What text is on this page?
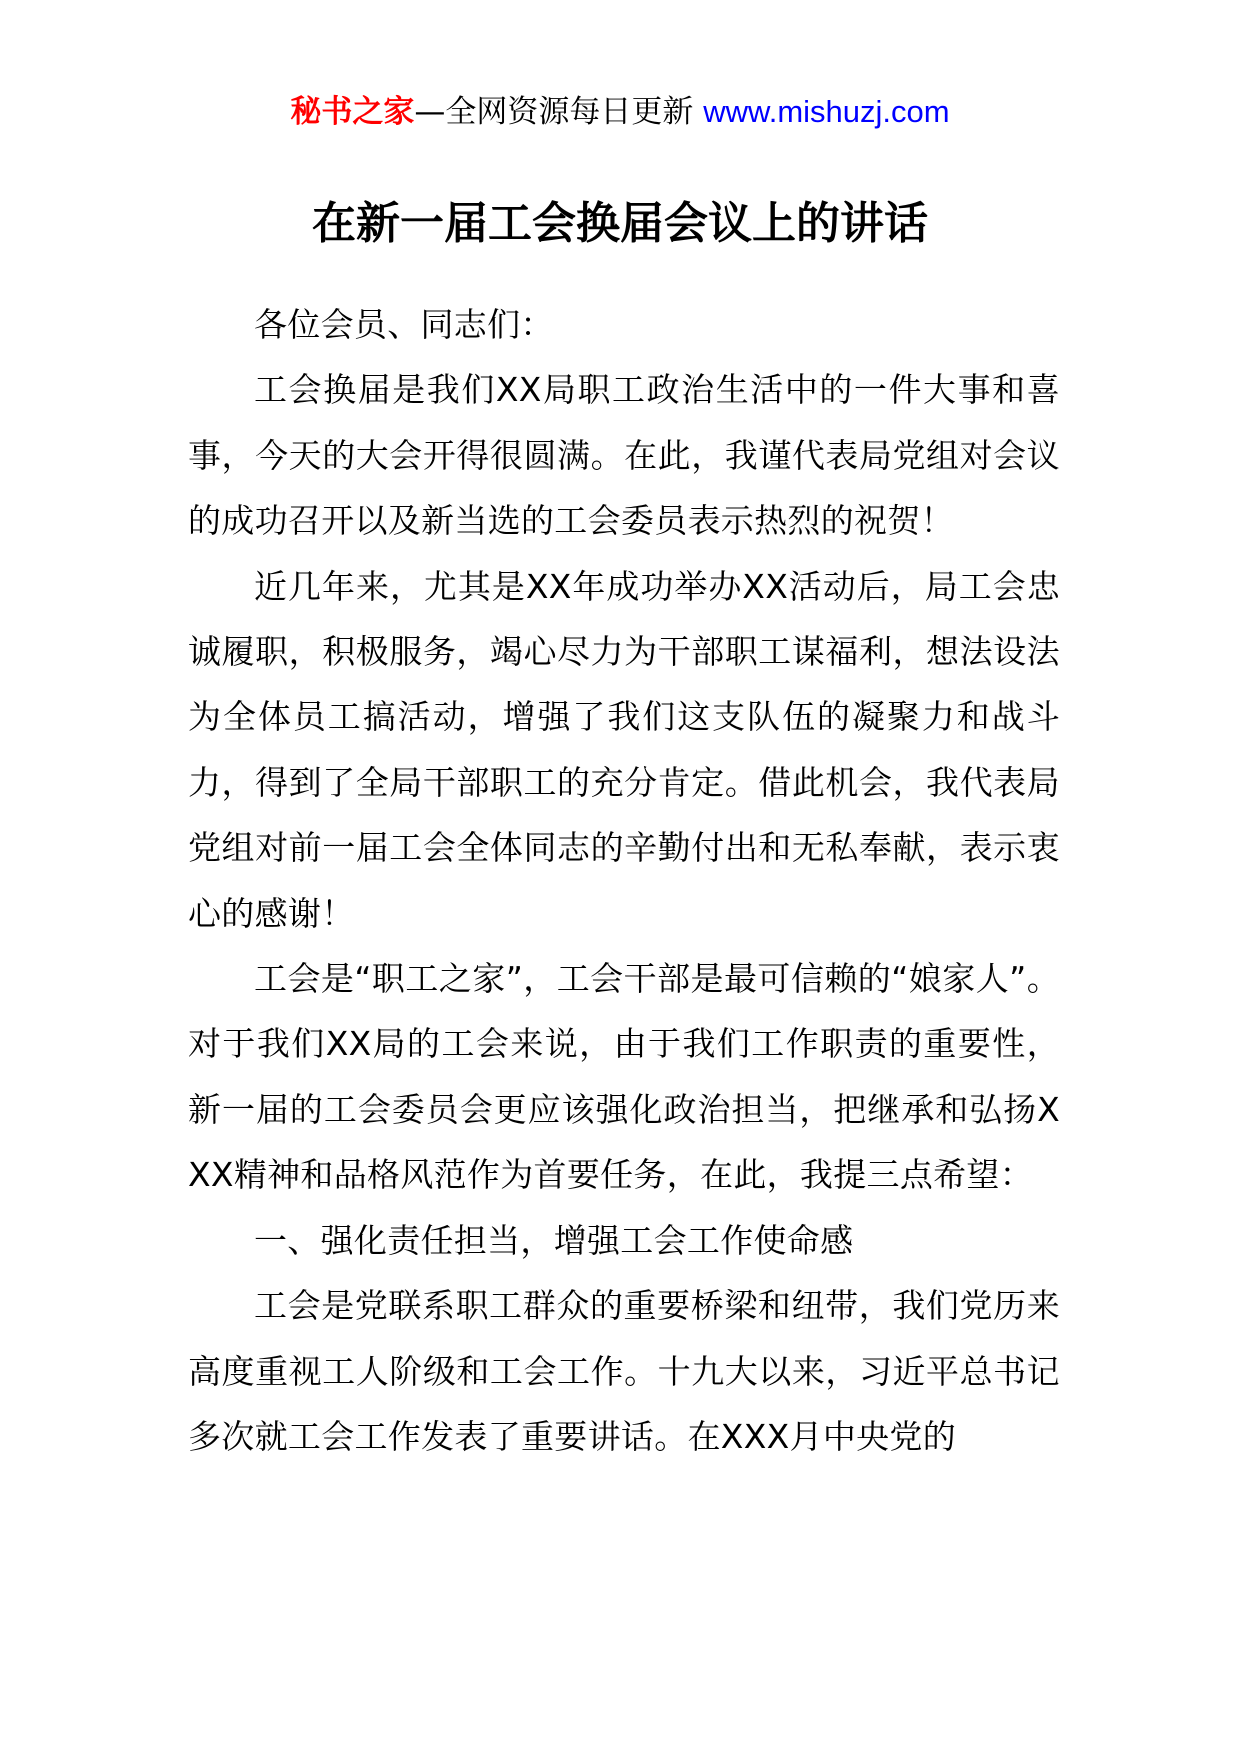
秘书之家—全网资源每日更新 www.mishuzj.com
在新一届工会换届会议上的讲话

各位会员、同志们：

工会换届是我们XX局职工政治生活中的一件大事和喜事，今天的大会开得很圆满。在此，我谨代表局党组对会议的成功召开以及新当选的工会委员表示热烈的祝贺！

近几年来，尤其是XX年成功举办XX活动后，局工会忠诚履职，积极服务，竭心尽力为干部职工谋福利，想法设法为全体员工搞活动，增强了我们这支队伍的凝聚力和战斗力，得到了全局干部职工的充分肯定。借此机会，我代表局党组对前一届工会全体同志的辛勤付出和无私奉献，表示衷心的感谢！

工会是“职工之家”，工会干部是最可信赖的“娘家人”。对于我们XX局的工会来说，由于我们工作职责的重要性，新一届的工会委员会更应该强化政治担当，把继承和弘扬XXX精神和品格风范作为首要任务，在此，我提三点希望：

一、强化责任担当，增强工会工作使命感

工会是党联系职工群众的重要桥梁和纽带，我们党历来高度重视工人阶级和工会工作。十九大以来，习近平总书记多次就工会工作发表了重要讲话。在XXX月中央党的
